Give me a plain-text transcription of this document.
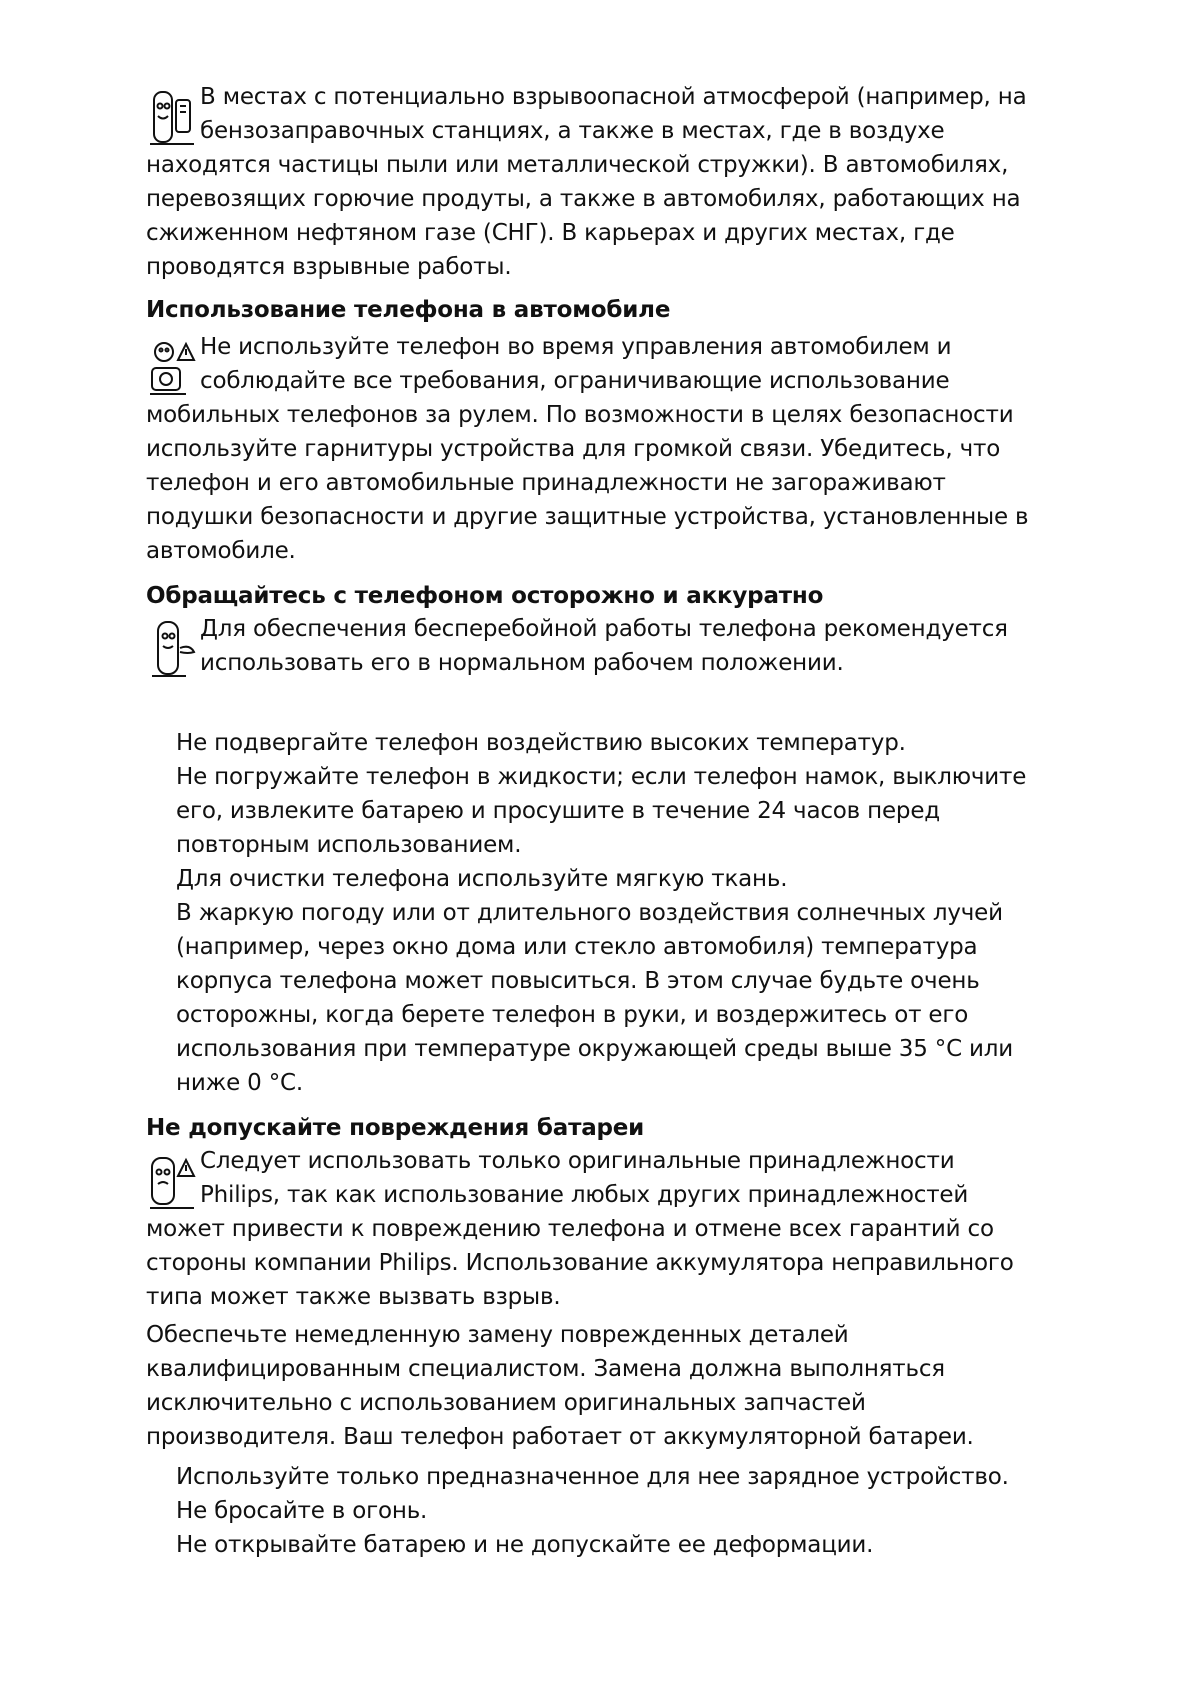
В местах с потенциально взрывоопасной атмосферой (например, на
бензозаправочных станциях, а также в местах, где в воздухе
находятся частицы пыли или металлической стружки). В автомобилях,
перевозящих горючие продуты, а также в автомобилях, работающих на
сжиженном нефтяном газе (СНГ). В карьерах и других местах, где
проводятся взрывные работы.

Использование телефона в автомобиле

Не используйте телефон во время управления автомобилем и
соблюдайте все требования, ограничивающие использование
мобильных телефонов за рулем. По возможности в целях безопасности
используйте гарнитуры устройства для громкой связи. Убедитесь, что
телефон и его автомобильные принадлежности не загораживают
подушки безопасности и другие защитные устройства, установленные в
автомобиле.

Обращайтесь с телефоном осторожно и аккуратно

Для обеспечения бесперебойной работы телефона рекомендуется
использовать его в нормальном рабочем положении.

Не подвергайте телефон воздействию высоких температур.

Не погружайте телефон в жидкости; если телефон намок, выключите
его, извлеките батарею и просушите в течение 24 часов перед
повторным использованием.

Для очистки телефона используйте мягкую ткань.

В жаркую погоду или от длительного воздействия солнечных лучей
(например, через окно дома или стекло автомобиля) температура
корпуса телефона может повыситься. В этом случае будьте очень
осторожны, когда берете телефон в руки, и воздержитесь от его
использования при температуре окружающей среды выше 35 °С или
ниже 0 °С.

Не допускайте повреждения батареи

Следует использовать только оригинальные принадлежности
Philips, так как использование любых других принадлежностей
может привести к повреждению телефона и отмене всех гарантий со
стороны компании Philips. Использование аккумулятора неправильного
типа может также вызвать взрыв.

Обеспечьте немедленную замену поврежденных деталей
квалифицированным специалистом. Замена должна выполняться
исключительно с использованием оригинальных запчастей
производителя. Ваш телефон работает от аккумуляторной батареи.

Используйте только предназначенное для нее зарядное устройство.
Не бросайте в огонь.
Не открывайте батарею и не допускайте ее деформации.
